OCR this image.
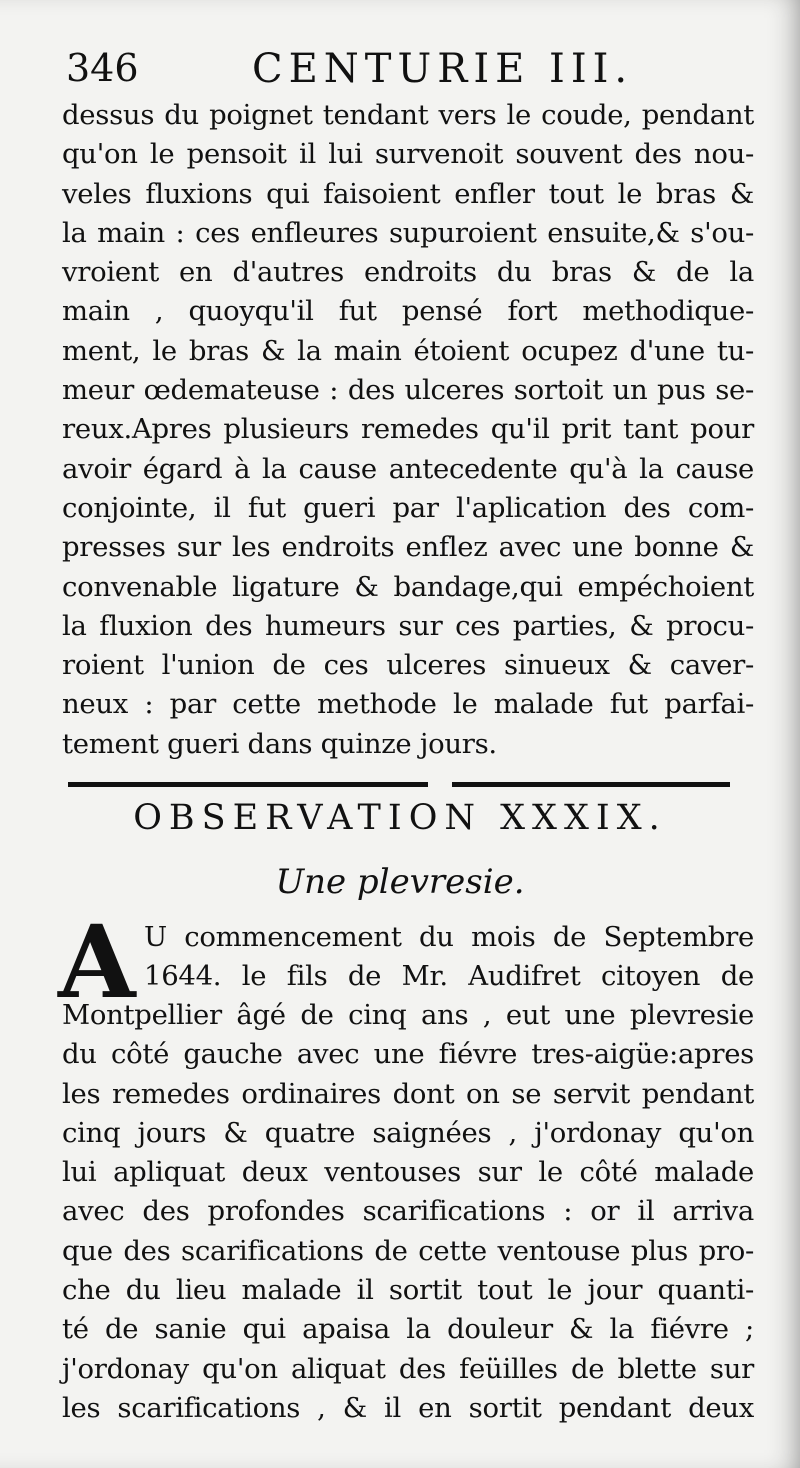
346	CENTURIE III.
dessus du poignet tendant vers le coude, pendant
qu'on le pensoit il lui survenoit souvent des nou-
veles fluxions qui faisoient enfler tout le bras &
la main : ces enfleures supuroient ensuite,& s'ou-
vroient en d'autres endroits du bras & de la
main , quoyqu'il fut pensé fort methodique-
ment, le bras & la main étoient ocupez d'une tu-
meur œdemateuse : des ulceres sortoit un pus se-
reux.Apres plusieurs remedes qu'il prit tant pour
avoir égard à la cause antecedente qu'à la cause
conjointe, il fut gueri par l'aplication des com-
presses sur les endroits enflez avec une bonne &
convenable ligature & bandage,qui empéchoient
la fluxion des humeurs sur ces parties, & procu-
roient l'union de ces ulceres sinueux & caver-
neux : par cette methode le malade fut parfai-
tement gueri dans quinze jours.
OBSERVATION XXXIX.
Une plevresie.
A U commencement du mois de Septembre
1644. le fils de Mr. Audifret citoyen de
Montpellier âgé de cinq ans , eut une plevresie
du côté gauche avec une fiévre tres-aigüe:apres
les remedes ordinaires dont on se servit pendant
cinq jours & quatre saignées , j'ordonay qu'on
lui apliquat deux ventouses sur le côté malade
avec des profondes scarifications : or il arriva
que des scarifications de cette ventouse plus pro-
che du lieu malade il sortit tout le jour quanti-
té de sanie qui apaisa la douleur & la fiévre ;
j'ordonay qu'on aliquat des feüilles de blette sur
les scarifications , & il en sortit pendant deux
